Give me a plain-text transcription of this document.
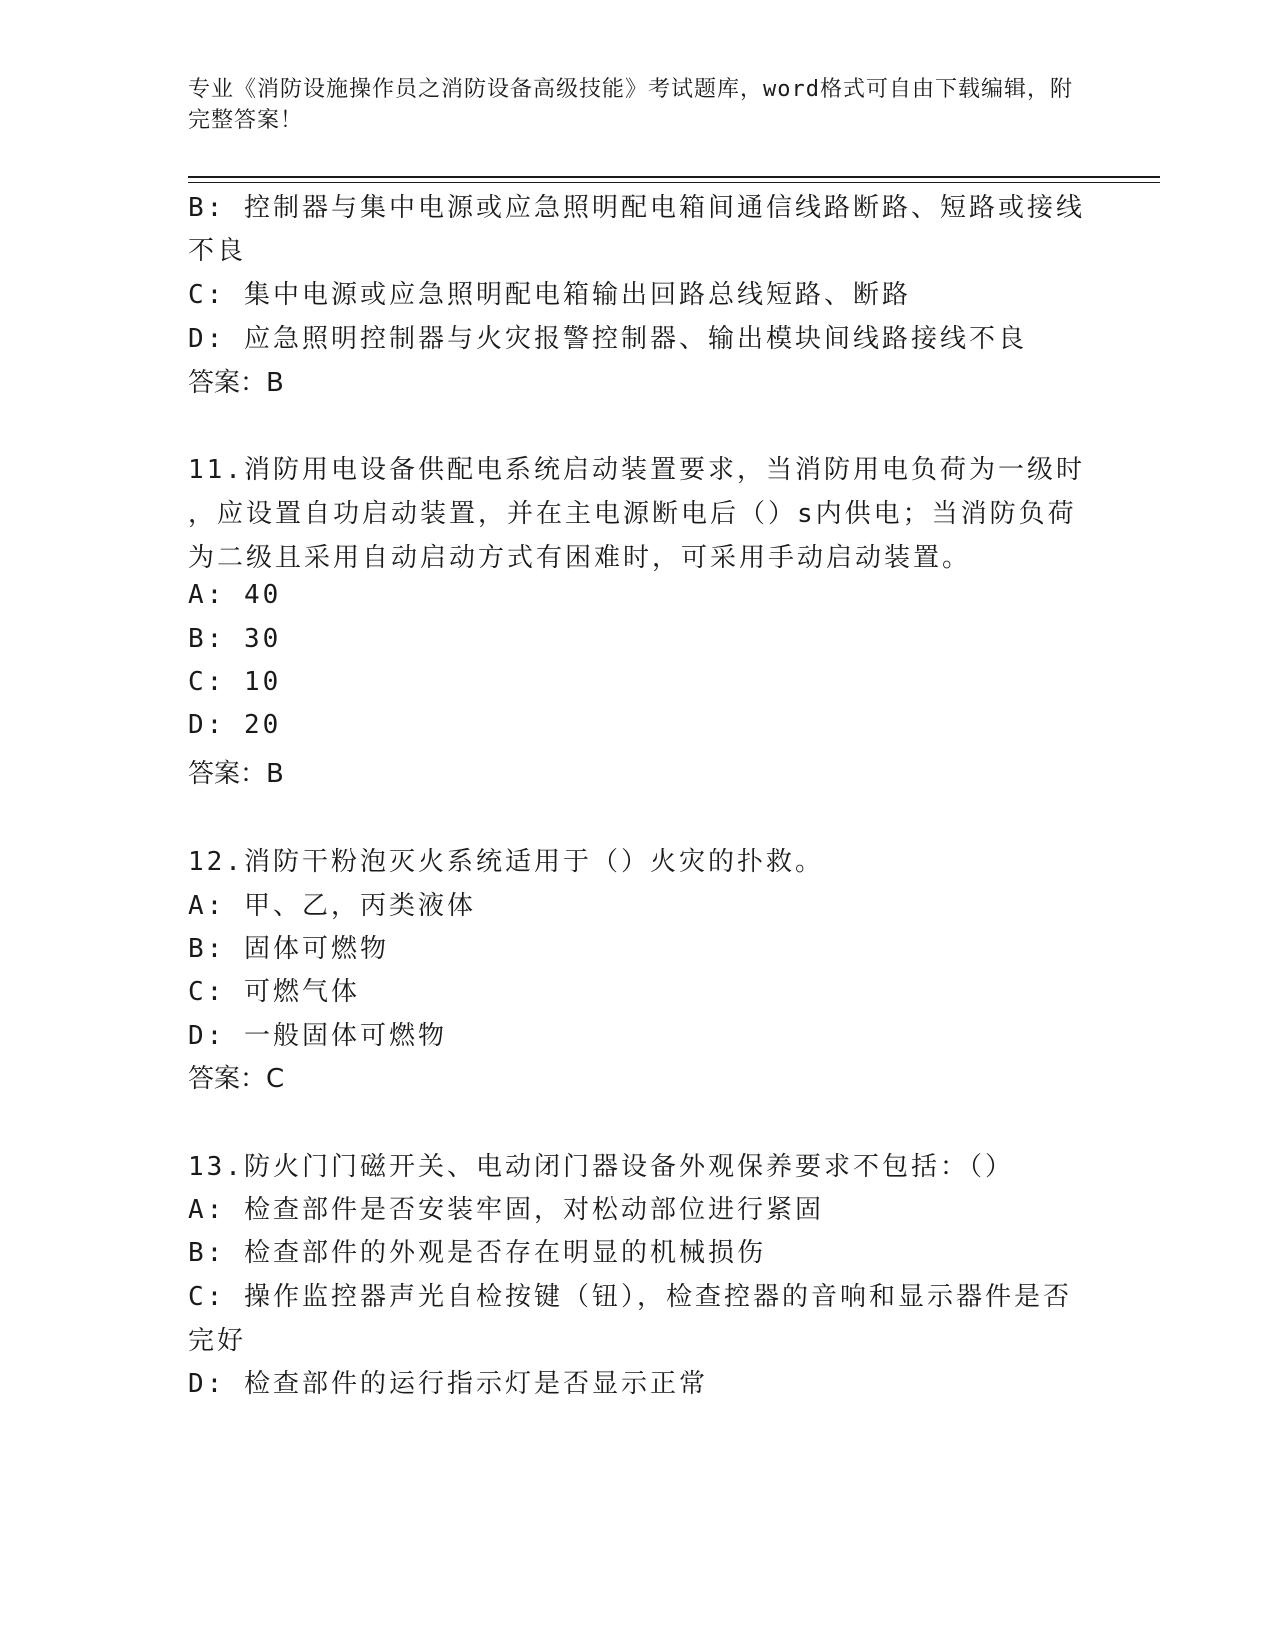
专业《消防设施操作员之消防设备高级技能》考试题库，word格式可自由下载编辑，附完整答案！
B: 控制器与集中电源或应急照明配电箱间通信线路断路、短路或接线
不良
C: 集中电源或应急照明配电箱输出回路总线短路、断路
D: 应急照明控制器与火灾报警控制器、输出模块间线路接线不良
答案：B
11.消防用电设备供配电系统启动装置要求，当消防用电负荷为一级时
，应设置自功启动装置，并在主电源断电后（）s内供电；当消防负荷
为二级且采用自动启动方式有困难时，可采用手动启动装置。
A: 40
B: 30
C: 10
D: 20
答案：B
12.消防干粉泡灭火系统适用于（）火灾的扑救。
A: 甲、乙，丙类液体
B: 固体可燃物
C: 可燃气体
D: 一般固体可燃物
答案：C
13.防火门门磁开关、电动闭门器设备外观保养要求不包括：（）
A: 检查部件是否安装牢固，对松动部位进行紧固
B: 检查部件的外观是否存在明显的机械损伤
C: 操作监控器声光自检按键（钮），检查控器的音响和显示器件是否
完好
D: 检查部件的运行指示灯是否显示正常
